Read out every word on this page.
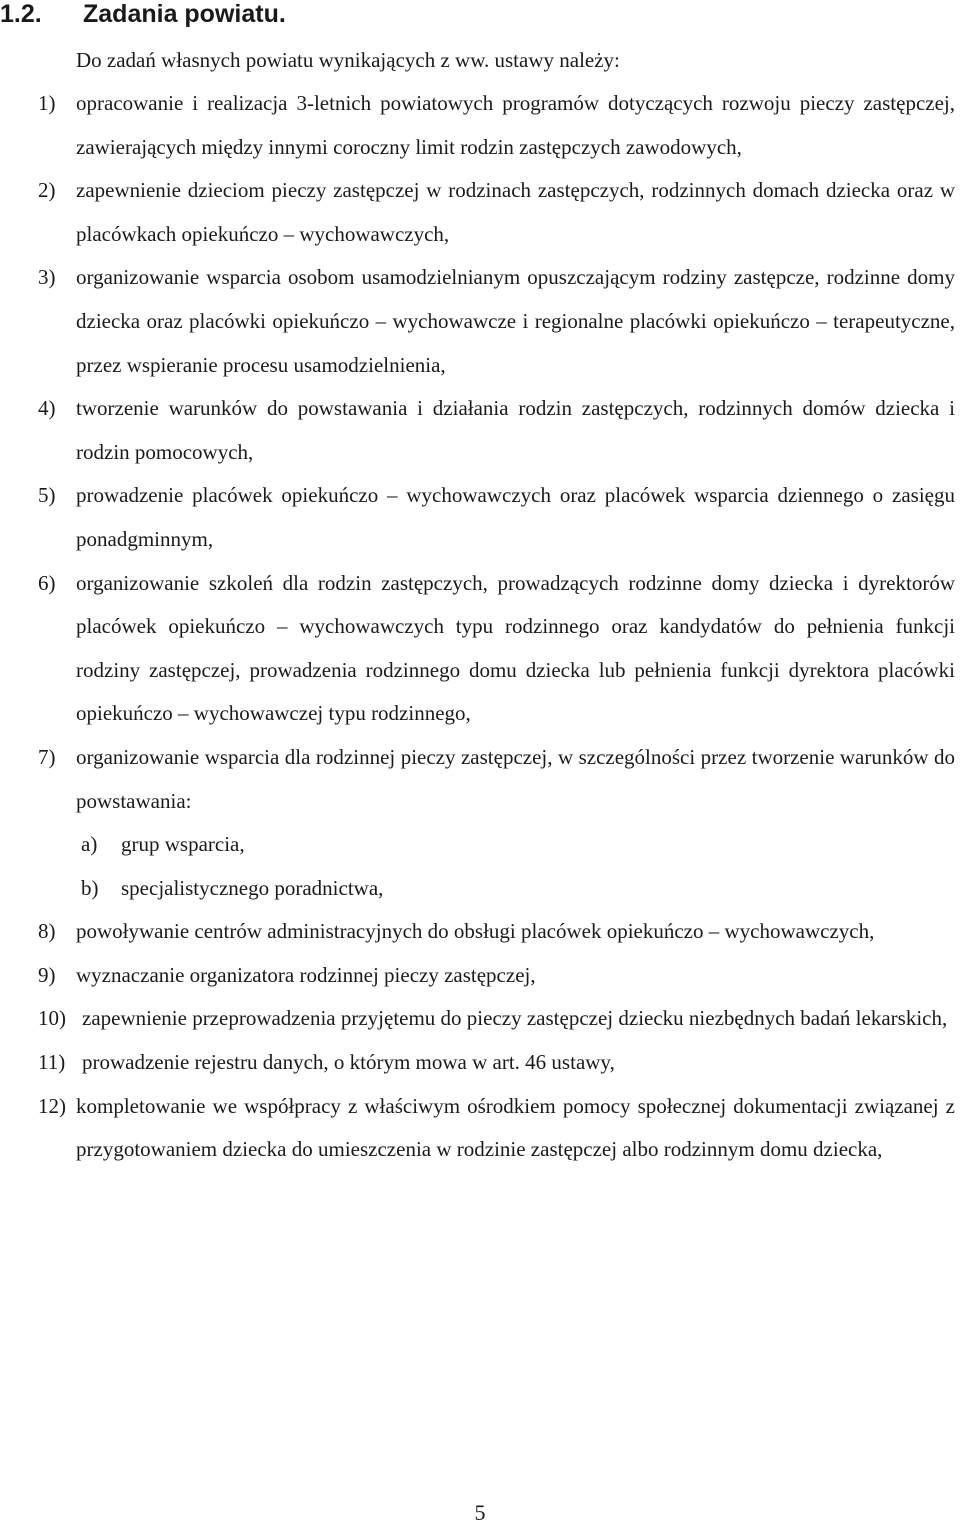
1.2. Zadania powiatu.
Do zadań własnych powiatu wynikających z ww. ustawy należy:
1) opracowanie i realizacja 3-letnich powiatowych programów dotyczących rozwoju pieczy zastępczej, zawierających między innymi coroczny limit rodzin zastępczych zawodowych,
2) zapewnienie dzieciom pieczy zastępczej w rodzinach zastępczych, rodzinnych domach dziecka oraz w placówkach opiekuńczo – wychowawczych,
3) organizowanie wsparcia osobom usamodzielnianym opuszczającym rodziny zastępcze, rodzinne domy dziecka oraz placówki opiekuńczo – wychowawcze i regionalne placówki opiekuńczo – terapeutyczne, przez wspieranie procesu usamodzielnienia,
4) tworzenie warunków do powstawania i działania rodzin zastępczych, rodzinnych domów dziecka i rodzin pomocowych,
5) prowadzenie placówek opiekuńczo – wychowawczych oraz placówek wsparcia dziennego o zasięgu ponadgminnym,
6) organizowanie szkoleń dla rodzin zastępczych, prowadzących rodzinne domy dziecka i dyrektorów placówek opiekuńczo – wychowawczych typu rodzinnego oraz kandydatów do pełnienia funkcji rodziny zastępczej, prowadzenia rodzinnego domu dziecka lub pełnienia funkcji dyrektora placówki opiekuńczo – wychowawczej typu rodzinnego,
7) organizowanie wsparcia dla rodzinnej pieczy zastępczej, w szczególności przez tworzenie warunków do powstawania:
a)	grup wsparcia,
b)	specjalistycznego poradnictwa,
8) powoływanie centrów administracyjnych do obsługi placówek opiekuńczo – wychowawczych,
9) wyznaczanie organizatora rodzinnej pieczy zastępczej,
10) zapewnienie przeprowadzenia przyjętemu do pieczy zastępczej dziecku niezbędnych badań lekarskich,
11) prowadzenie rejestru danych, o którym mowa w art. 46 ustawy,
12) kompletowanie we współpracy z właściwym ośrodkiem pomocy społecznej dokumentacji związanej z przygotowaniem dziecka do umieszczenia w rodzinie zastępczej albo rodzinnym domu dziecka,
5
